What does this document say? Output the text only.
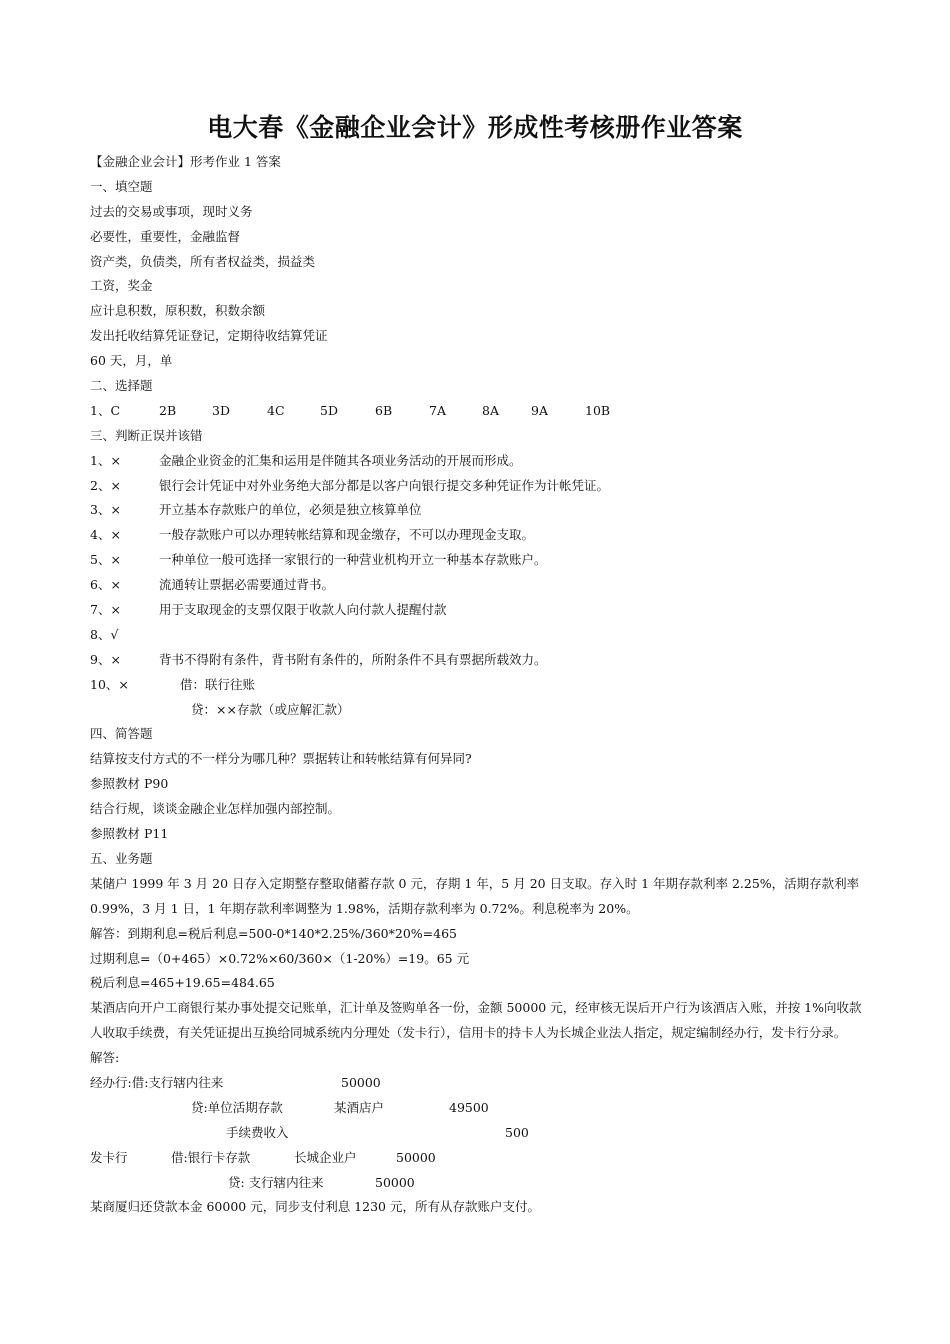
电大春《金融企业会计》形成性考核册作业答案
【金融企业会计】形考作业 1 答案
一、填空题
过去的交易或事项，现时义务
必要性，重要性，金融监督
资产类，负债类，所有者权益类，损益类
工资，奖金
应计息积数，原积数，积数余额
发出托收结算凭证登记，定期待收结算凭证
60 天，月，单
二、选择题
1、C	2B	3D	4C	5D	6B	7A	8A	9A	10B
三、判断正误并该错
1、×	金融企业资金的汇集和运用是伴随其各项业务活动的开展而形成。
2、×	银行会计凭证中对外业务绝大部分都是以客户向银行提交多种凭证作为计帐凭证。
3、×	开立基本存款账户的单位，必须是独立核算单位
4、×	一般存款账户可以办理转帐结算和现金缴存，不可以办理现金支取。
5、×	一种单位一般可选择一家银行的一种营业机构开立一种基本存款账户。
6、×	流通转让票据必需要通过背书。
7、×	用于支取现金的支票仅限于收款人向付款人提醒付款
8、√
9、×	背书不得附有条件，背书附有条件的，所附条件不具有票据所载效力。
10、×	借：联行往账
贷：××存款（或应解汇款）
四、简答题
结算按支付方式的不一样分为哪几种？票据转让和转帐结算有何异同?
参照教材 P90
结合行规，谈谈金融企业怎样加强内部控制。
参照教材 P11
五、业务题
某储户 1999 年 3 月 20 日存入定期整存整取储蓄存款 0 元，存期 1 年，5 月 20 日支取。存入时 1 年期存款利率 2.25%，活期存款利率 0.99%，3 月 1 日，1 年期存款利率调整为 1.98%，活期存款利率为 0.72%。利息税率为 20%。
解答：到期利息=税后利息=500-0*140*2.25%/360*20%=465
过期利息=（0+465）×0.72%×60/360×（1-20%）=19。65 元
税后利息=465+19.65=484.65
某酒店向开户工商银行某办事处提交记账单，汇计单及签购单各一份，金额 50000 元，经审核无误后开户行为该酒店入账，并按 1%向收款人收取手续费，有关凭证提出互换给同城系统内分理处（发卡行），信用卡的持卡人为长城企业法人指定，规定编制经办行，发卡行分录。
解答:
经办行:借:支行辖内往来	50000
贷:单位活期存款	某酒店户	49500
手续费收入	500
发卡行	借:银行卡存款	长城企业户	50000
贷: 支行辖内往来	50000
某商厦归还贷款本金 60000 元，同步支付利息 1230 元，所有从存款账户支付。
